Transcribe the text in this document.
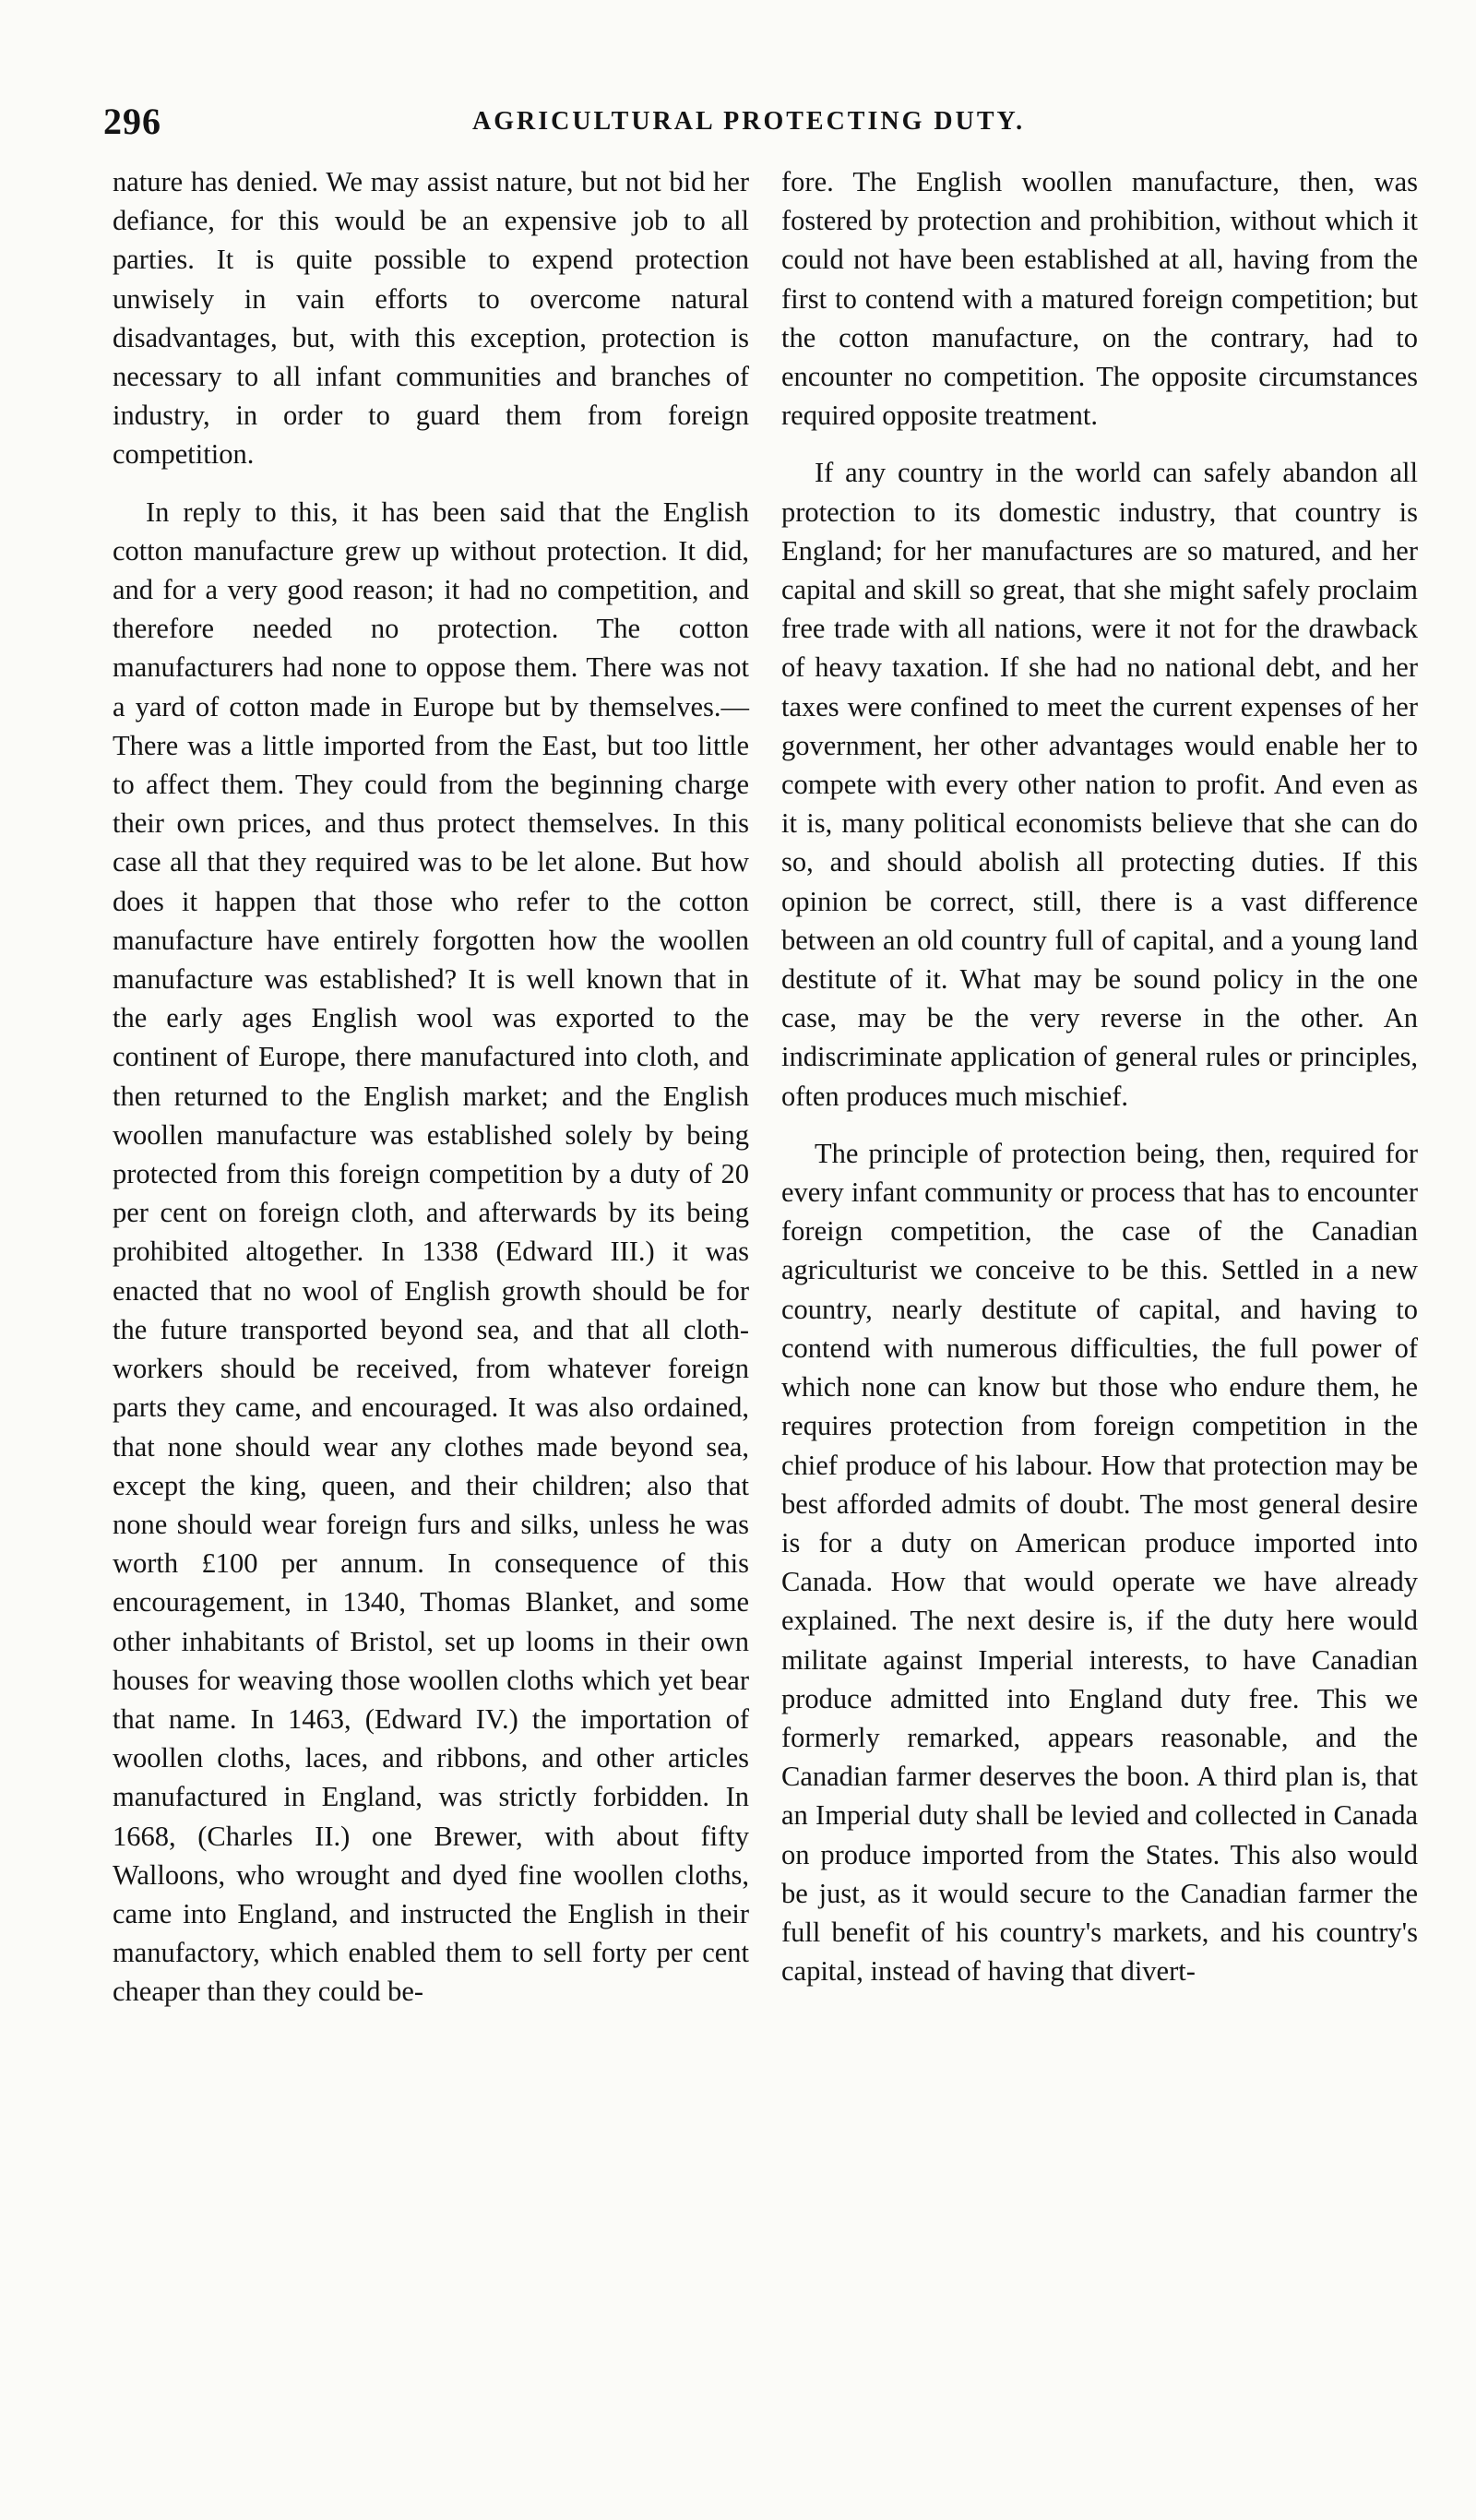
296	AGRICULTURAL PROTECTING DUTY.

nature has denied. We may assist nature, but not bid her defiance, for this would be an expensive job to all parties. It is quite possible to expend protection unwisely in vain efforts to overcome natural disadvantages, but, with this exception, protection is necessary to all infant communities and branches of industry, in order to guard them from foreign competition.

In reply to this, it has been said that the English cotton manufacture grew up without protection. It did, and for a very good reason; it had no competition, and therefore needed no protection. The cotton manufacturers had none to oppose them. There was not a yard of cotton made in Europe but by themselves.— There was a little imported from the East, but too little to affect them. They could from the beginning charge their own prices, and thus protect themselves. In this case all that they required was to be let alone. But how does it happen that those who refer to the cotton manufacture have entirely forgotten how the woollen manufacture was established? It is well known that in the early ages English wool was exported to the continent of Europe, there manufactured into cloth, and then returned to the English market; and the English woollen manufacture was established solely by being protected from this foreign competition by a duty of 20 per cent on foreign cloth, and afterwards by its being prohibited altogether. In 1338 (Edward III.) it was enacted that no wool of English growth should be for the future transported beyond sea, and that all cloth-workers should be received, from whatever foreign parts they came, and encouraged. It was also ordained, that none should wear any clothes made beyond sea, except the king, queen, and their children; also that none should wear foreign furs and silks, unless he was worth £100 per annum. In consequence of this encouragement, in 1340, Thomas Blanket, and some other inhabitants of Bristol, set up looms in their own houses for weaving those woollen cloths which yet bear that name. In 1463, (Edward IV.) the importation of woollen cloths, laces, and ribbons, and other articles manufactured in England, was strictly forbidden. In 1668, (Charles II.) one Brewer, with about fifty Walloons, who wrought and dyed fine woollen cloths, came into England, and instructed the English in their manufactory, which enabled them to sell forty per cent cheaper than they could be-

fore. The English woollen manufacture, then, was fostered by protection and prohibition, without which it could not have been established at all, having from the first to contend with a matured foreign competition; but the cotton manufacture, on the contrary, had to encounter no competition. The opposite circumstances required opposite treatment.

If any country in the world can safely abandon all protection to its domestic industry, that country is England; for her manufactures are so matured, and her capital and skill so great, that she might safely proclaim free trade with all nations, were it not for the drawback of heavy taxation. If she had no national debt, and her taxes were confined to meet the current expenses of her government, her other advantages would enable her to compete with every other nation to profit. And even as it is, many political economists believe that she can do so, and should abolish all protecting duties. If this opinion be correct, still, there is a vast difference between an old country full of capital, and a young land destitute of it. What may be sound policy in the one case, may be the very reverse in the other. An indiscriminate application of general rules or principles, often produces much mischief.

The principle of protection being, then, required for every infant community or process that has to encounter foreign competition, the case of the Canadian agriculturist we conceive to be this. Settled in a new country, nearly destitute of capital, and having to contend with numerous difficulties, the full power of which none can know but those who endure them, he requires protection from foreign competition in the chief produce of his labour. How that protection may be best afforded admits of doubt. The most general desire is for a duty on American produce imported into Canada. How that would operate we have already explained. The next desire is, if the duty here would militate against Imperial interests, to have Canadian produce admitted into England duty free. This we formerly remarked, appears reasonable, and the Canadian farmer deserves the boon. A third plan is, that an Imperial duty shall be levied and collected in Canada on produce imported from the States. This also would be just, as it would secure to the Canadian farmer the full benefit of his country's markets, and his country's capital, instead of having that divert-
